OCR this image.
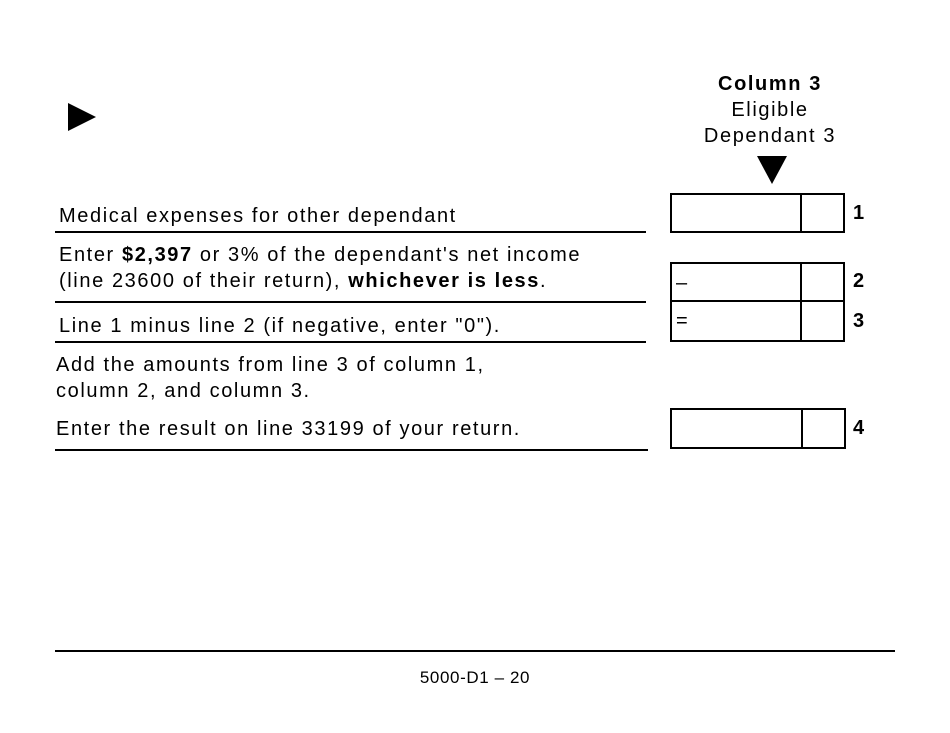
Column 3
Eligible
Dependant 3
Medical expenses for other dependant	1
Enter $2,397 or 3% of the dependant's net income
(line 23600 of their return), whichever is less.	–	2
Line 1 minus line 2 (if negative, enter "0").	=	3
Add the amounts from line 3 of column 1,
column 2, and column 3.
Enter the result on line 33199 of your return.	4
5000-D1 – 20
